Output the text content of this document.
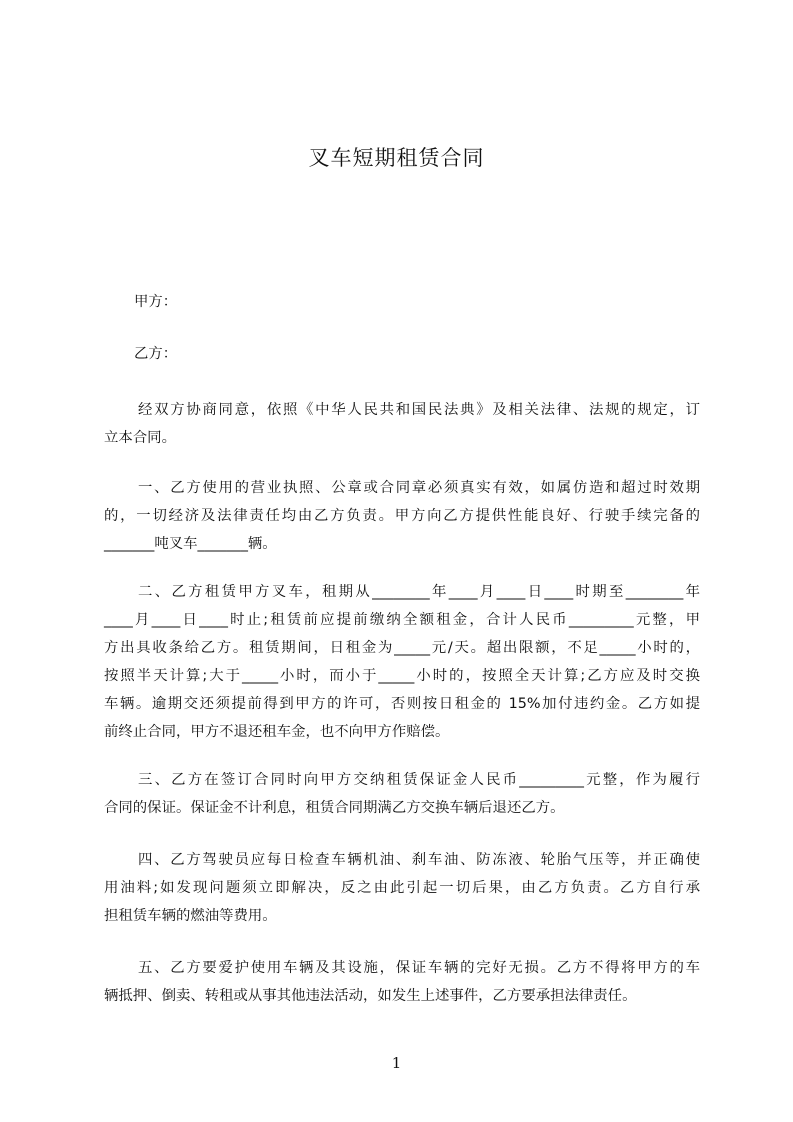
叉车短期租赁合同
甲方：
乙方：
经双方协商同意，依照《中华人民共和国民法典》及相关法律、法规的规定，订
立本合同。
一、乙方使用的营业执照、公章或合同章必须真实有效，如属仿造和超过时效期
的，一切经济及法律责任均由乙方负责。甲方向乙方提供性能良好、行驶手续完备的
_______吨叉车_______辆。
二、乙方租赁甲方叉车，租期从________年____月____日____时期至________年
____月____日____时止;租赁前应提前缴纳全额租金，合计人民币_________元整，甲
方出具收条给乙方。租赁期间，日租金为_____元/天。超出限额，不足_____小时的，
按照半天计算;大于_____小时，而小于_____小时的，按照全天计算;乙方应及时交换
车辆。逾期交还须提前得到甲方的许可，否则按日租金的 15%加付违约金。乙方如提
前终止合同，甲方不退还租车金，也不向甲方作赔偿。
三、乙方在签订合同时向甲方交纳租赁保证金人民币_________元整，作为履行
合同的保证。保证金不计利息，租赁合同期满乙方交换车辆后退还乙方。
四、乙方驾驶员应每日检查车辆机油、刹车油、防冻液、轮胎气压等，并正确使
用油料;如发现问题须立即解决，反之由此引起一切后果，由乙方负责。乙方自行承
担租赁车辆的燃油等费用。
五、乙方要爱护使用车辆及其设施，保证车辆的完好无损。乙方不得将甲方的车
辆抵押、倒卖、转租或从事其他违法活动，如发生上述事件，乙方要承担法律责任。
1
